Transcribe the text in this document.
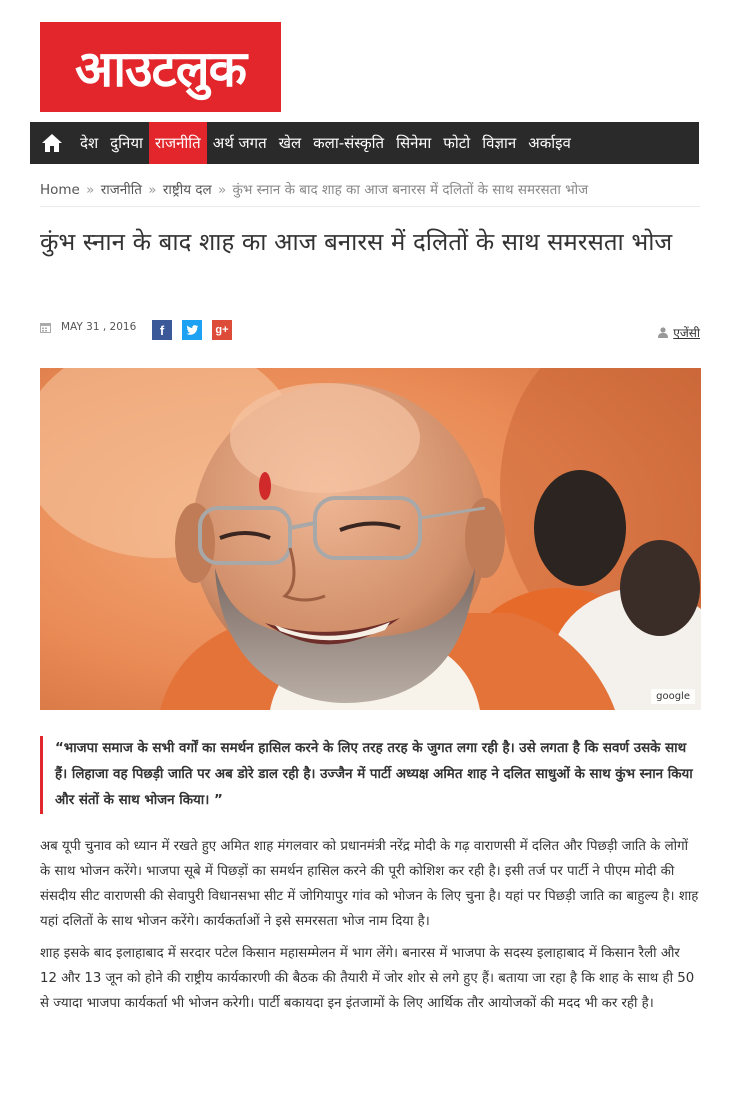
आउटलुक
देश दुनिया राजनीति अर्थ जगत खेल कला-संस्कृति सिनेमा फोटो विज्ञान अर्काइव
Home » राजनीति » राष्ट्रीय दल » कुंभ स्नान के बाद शाह का आज बनारस में दलितों के साथ समरसता भोज
कुंभ स्नान के बाद शाह का आज बनारस में दलितों के साथ समरसता भोज
MAY 31 , 2016	f	g+	एजेंसी
google
“भाजपा समाज के सभी वर्गों का समर्थन हासिल करने के लिए तरह तरह के जुगत लगा रही है। उसे लगता है कि सवर्ण उसके साथ हैं। लिहाजा वह पिछड़ी जाति पर अब डोरे डाल रही है। उज्जैन में पार्टी अध्यक्ष अमित शाह ने दलित साधुओं के साथ कुंभ स्नान किया और संतों के साथ भोजन किया। ”

अब यूपी चुनाव को ध्यान में रखते हुए अमित शाह मंगलवार को प्रधानमंत्री नरेंद्र मोदी के गढ़ वाराणसी में दलित और पिछड़ी जाति के लोगों के साथ भोजन करेंगे। भाजपा सूबे में पिछड़ों का समर्थन हासिल करने की पूरी कोशिश कर रही है। इसी तर्ज पर पार्टी ने पीएम मोदी की संसदीय सीट वाराणसी की सेवापुरी विधानसभा सीट में जोगियापुर गांव को भोजन के लिए चुना है। यहां पर पिछड़ी जाति का बाहुल्य है। शाह यहां दलितों के साथ भोजन करेंगे। कार्यकर्ताओं ने इसे समरसता भोज नाम दिया है।

शाह इसके बाद इलाहाबाद में सरदार पटेल किसान महासम्मेलन में भाग लेंगे। बनारस में भाजपा के सदस्य इलाहाबाद में किसान रैली और 12 और 13 जून को होने की राष्ट्रीय कार्यकारणी की बैठक की तैयारी में जोर शोर से लगे हुए हैं। बताया जा रहा है कि शाह के साथ ही 50 से ज्यादा भाजपा कार्यकर्ता भी भोजन करेगी। पार्टी बकायदा इन इंतजामों के लिए आर्थिक तौर आयोजकों की मदद भी कर रही है।
